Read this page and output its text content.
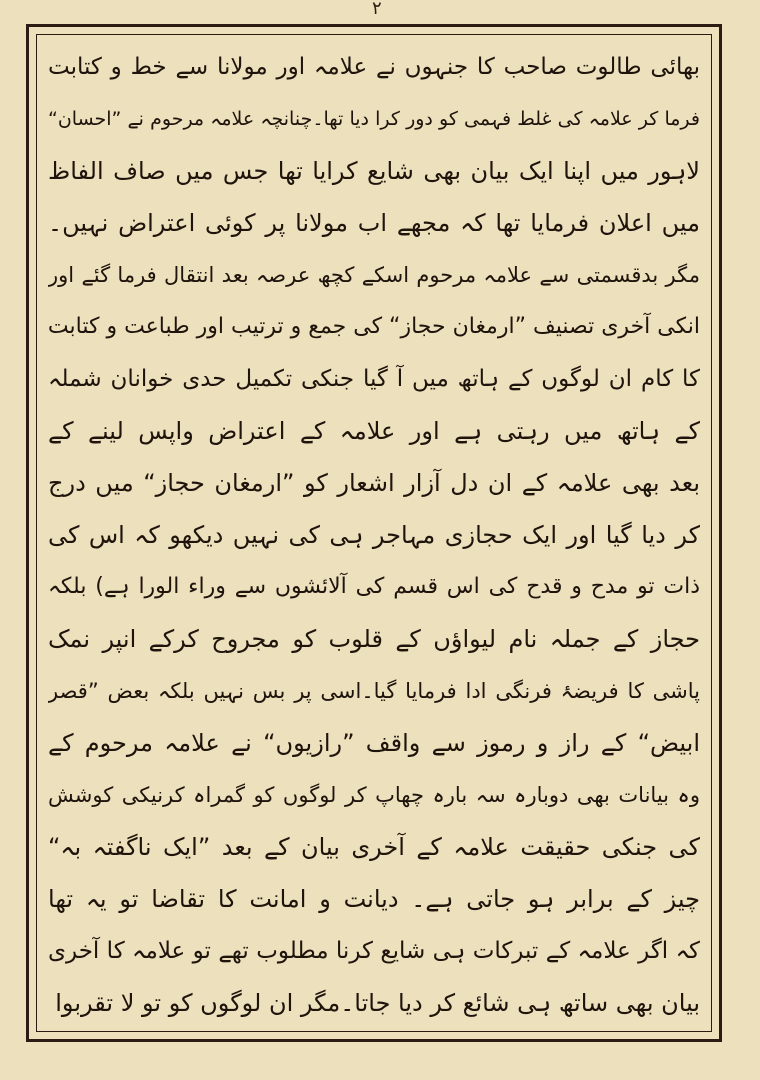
۲
بھائی طالوت صاحب کا جنہوں نے علامہ اور مولانا سے خط و کتابت
فرما کر علامہ کی غلط فہمی کو دور کرا دیا تھا۔چنانچہ علامہ مرحوم نے ”احسان“
لاہور میں اپنا ایک بیان بھی شایع کرایا تھا جس میں صاف الفاظ
میں اعلان فرمایا تھا کہ مجھے اب مولانا پر کوئی اعتراض نہیں۔
مگر بدقسمتی سے علامہ مرحوم اسکے کچھ عرصہ بعد انتقال فرما گئے اور
انکی آخری تصنیف ”ارمغان حجاز“ کی جمع و ترتیب اور طباعت و کتابت
کا کام ان لوگوں کے ہاتھ میں آ گیا جنکی تکمیل حدی خوانان شملہ
کے ہاتھ میں رہتی ہے اور علامہ کے اعتراض واپس لینے کے
بعد بھی علامہ کے ان دل آزار اشعار کو ”ارمغان حجاز“ میں درج
کر دیا گیا اور ایک حجازی مہاجر ہی کی نہیں دیکھو کہ اس کی
ذات تو مدح و قدح کی اس قسم کی آلائشوں سے وراء الورا ہے) بلکہ
حجاز کے جملہ نام لیواؤں کے قلوب کو مجروح کرکے انپر نمک
پاشی کا فریضۂ فرنگی ادا فرمایا گیا۔اسی پر بس نہیں بلکہ بعض ”قصر
ابیض“ کے راز و رموز سے واقف ”رازیوں“ نے علامہ مرحوم کے
وہ بیانات بھی دوبارہ سہ بارہ چھاپ کر لوگوں کو گمراہ کرنیکی کوشش
کی جنکی حقیقت علامہ کے آخری بیان کے بعد ”ایک ناگفتہ بہ“
چیز کے برابر ہو جاتی ہے۔ دیانت و امانت کا تقاضا تو یہ تھا
کہ اگر علامہ کے تبرکات ہی شایع کرنا مطلوب تھے تو علامہ کا آخری
بیان بھی ساتھ ہی شائع کر دیا جاتا۔مگر ان لوگوں کو تو لا تقربوا
